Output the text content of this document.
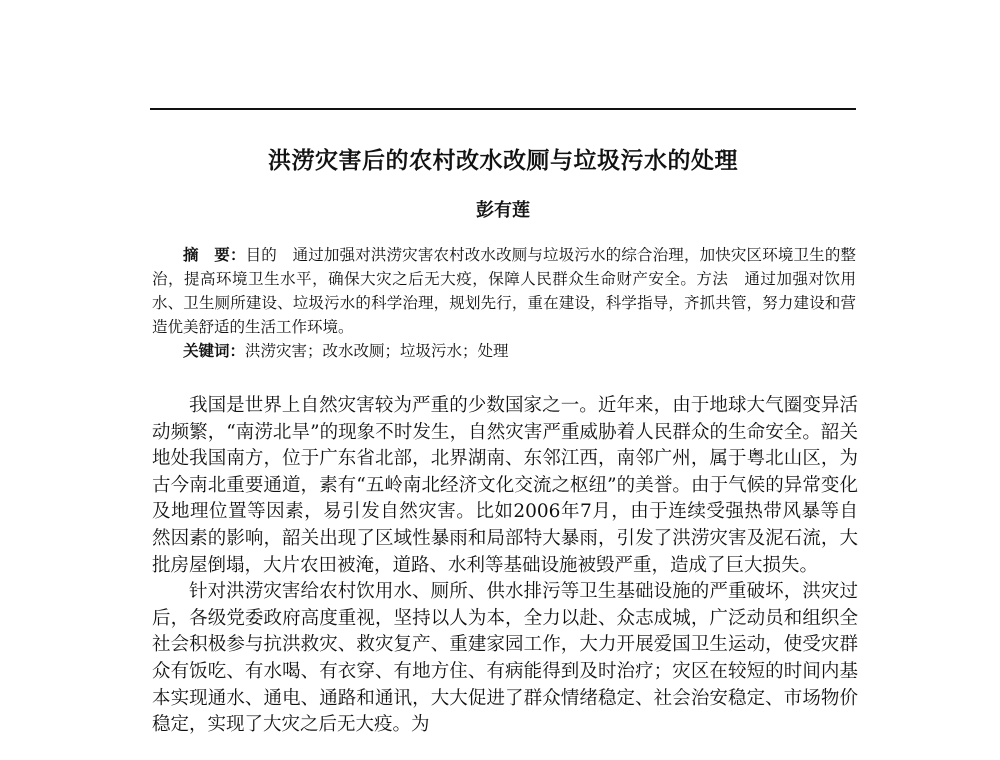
洪涝灾害后的农村改水改厕与垃圾污水的处理
彭有莲

摘　要：目的　通过加强对洪涝灾害农村改水改厕与垃圾污水的综合治理，加快灾区环境卫生的整治，提高环境卫生水平，确保大灾之后无大疫，保障人民群众生命财产安全。方法　通过加强对饮用水、卫生厕所建设、垃圾污水的科学治理，规划先行，重在建设，科学指导，齐抓共管，努力建设和营造优美舒适的生活工作环境。

关键词：洪涝灾害；改水改厕；垃圾污水；处理

我国是世界上自然灾害较为严重的少数国家之一。近年来，由于地球大气圈变异活动频繁，“南涝北旱”的现象不时发生，自然灾害严重威胁着人民群众的生命安全。韶关地处我国南方，位于广东省北部，北界湖南、东邻江西，南邻广州，属于粤北山区，为古今南北重要通道，素有“五岭南北经济文化交流之枢纽”的美誉。由于气候的异常变化及地理位置等因素，易引发自然灾害。比如2006年7月，由于连续受强热带风暴等自然因素的影响，韶关出现了区域性暴雨和局部特大暴雨，引发了洪涝灾害及泥石流，大批房屋倒塌，大片农田被淹，道路、水利等基础设施被毁严重，造成了巨大损失。

针对洪涝灾害给农村饮用水、厕所、供水排污等卫生基础设施的严重破坏，洪灾过后，各级党委政府高度重视，坚持以人为本，全力以赴、众志成城，广泛动员和组织全社会积极参与抗洪救灾、救灾复产、重建家园工作，大力开展爱国卫生运动，使受灾群众有饭吃、有水喝、有衣穿、有地方住、有病能得到及时治疗；灾区在较短的时间内基本实现通水、通电、通路和通讯，大大促进了群众情绪稳定、社会治安稳定、市场物价稳定，实现了大灾之后无大疫。为
